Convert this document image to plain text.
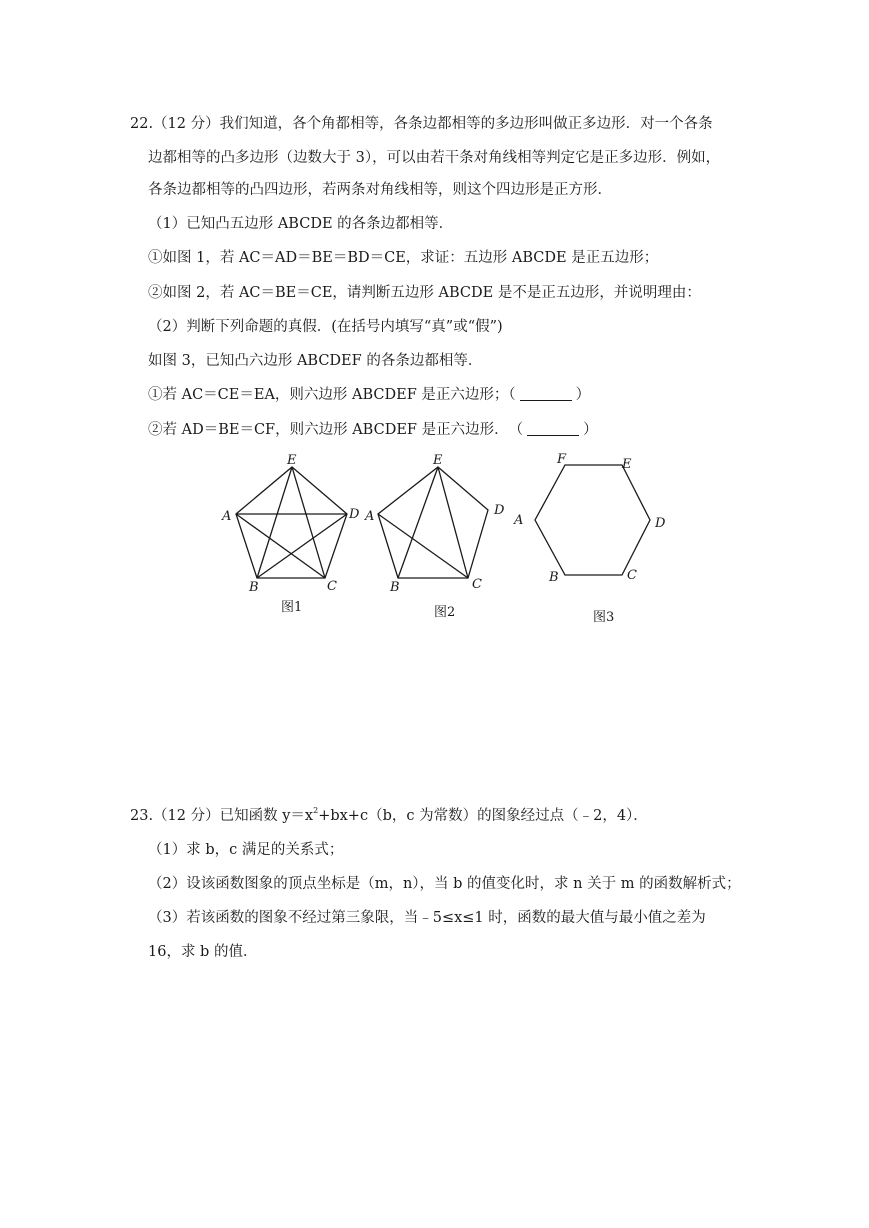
22.（12 分）我们知道，各个角都相等，各条边都相等的多边形叫做正多边形．对一个各条
边都相等的凸多边形（边数大于 3），可以由若干条对角线相等判定它是正多边形．例如，
各条边都相等的凸四边形，若两条对角线相等，则这个四边形是正方形．
（1）已知凸五边形 ABCDE 的各条边都相等．
①如图 1，若 AC＝AD＝BE＝BD＝CE，求证：五边形 ABCDE 是正五边形；
②如图 2，若 AC＝BE＝CE，请判断五边形 ABCDE 是不是正五边形，并说明理由：
（2）判断下列命题的真假．(在括号内填写“真”或“假”)
如图 3，已知凸六边形 ABCDEF 的各条边都相等．
①若 AC＝CE＝EA，则六边形 ABCDEF 是正六边形；（	）
②若 AD＝BE＝CF，则六边形 ABCDEF 是正六边形．　（	）
E
D
A
B	C
图1
E
D
A
B	C
图2
F	E
D
A
B	C
图3
23.（12 分）已知函数 $y=x^2+bx+c(b$，c 为常数）的图象经过点（﹣2，4）．
（1）求 b，c 满足的关系式；
（2）设该函数图象的顶点坐标是（m，n），当 b 的值变化时，求 n 关于 m 的函数解析式；
（3）若该函数的图象不经过第三象限，当﹣5≤x≤1 时，函数的最大值与最小值之差为
16，求 b 的值．
